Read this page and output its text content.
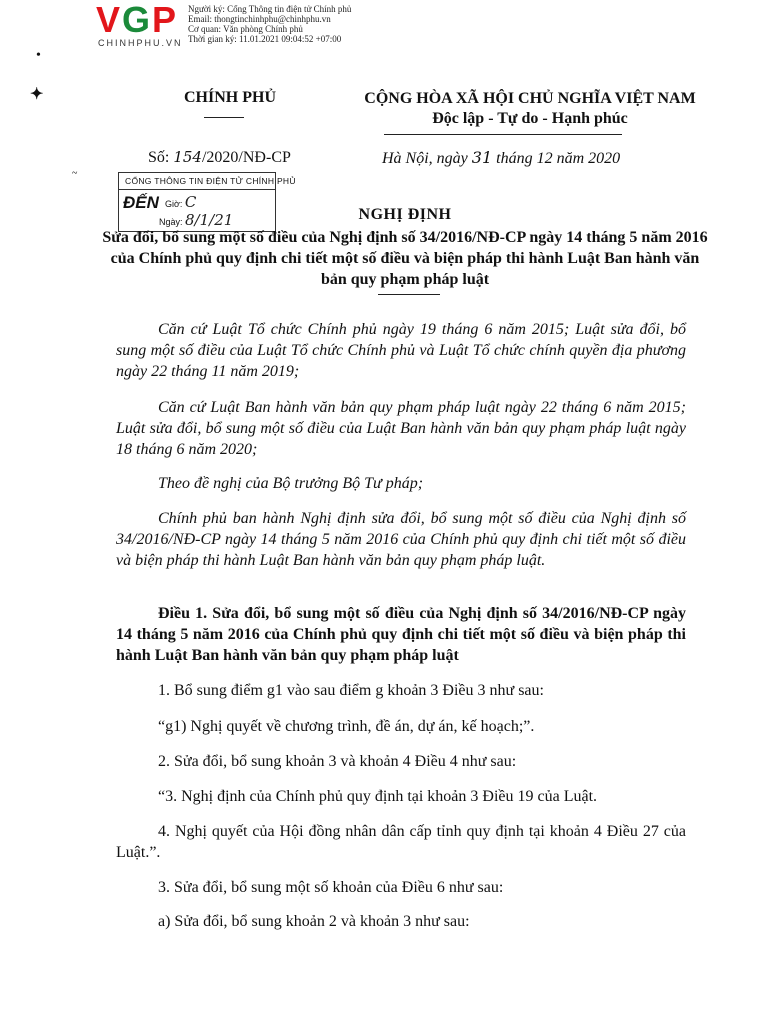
VGP
CHINHPHU.VN
Người ký: Cổng Thông tin điện tử Chính phủ
Email: thongtinchinhphu@chinhphu.vn
Cơ quan: Văn phòng Chính phủ
Thời gian ký: 11.01.2021 09:04:52 +07:00
•
✦
~
CHÍNH PHỦ	CỘNG HÒA XÃ HỘI CHỦ NGHĨA VIỆT NAM
Độc lập - Tự do - Hạnh phúc
Số: 154/2020/NĐ-CP	Hà Nội, ngày 31 tháng 12 năm 2020
CỔNG THÔNG TIN ĐIỆN TỬ CHÍNH PHỦ
ĐẾN Giờ: C
Ngày: 8/1/21	NGHỊ ĐỊNH
Sửa đổi, bổ sung một số điều của Nghị định số 34/2016/NĐ-CP ngày 14 tháng 5 năm 2016 của Chính phủ quy định chi tiết một số điều và biện pháp thi hành Luật Ban hành văn bản quy phạm pháp luật
Căn cứ Luật Tổ chức Chính phủ ngày 19 tháng 6 năm 2015; Luật sửa đổi, bổ sung một số điều của Luật Tổ chức Chính phủ và Luật Tổ chức chính quyền địa phương ngày 22 tháng 11 năm 2019;
Căn cứ Luật Ban hành văn bản quy phạm pháp luật ngày 22 tháng 6 năm 2015; Luật sửa đổi, bổ sung một số điều của Luật Ban hành văn bản quy phạm pháp luật ngày 18 tháng 6 năm 2020;
Theo đề nghị của Bộ trưởng Bộ Tư pháp;
Chính phủ ban hành Nghị định sửa đổi, bổ sung một số điều của Nghị định số 34/2016/NĐ-CP ngày 14 tháng 5 năm 2016 của Chính phủ quy định chi tiết một số điều và biện pháp thi hành Luật Ban hành văn bản quy phạm pháp luật.
Điều 1. Sửa đổi, bổ sung một số điều của Nghị định số 34/2016/NĐ-CP ngày 14 tháng 5 năm 2016 của Chính phủ quy định chi tiết một số điều và biện pháp thi hành Luật Ban hành văn bản quy phạm pháp luật
1. Bổ sung điểm g1 vào sau điểm g khoản 3 Điều 3 như sau:
“g1) Nghị quyết về chương trình, đề án, dự án, kế hoạch;”.
2. Sửa đổi, bổ sung khoản 3 và khoản 4 Điều 4 như sau:
“3. Nghị định của Chính phủ quy định tại khoản 3 Điều 19 của Luật.
4. Nghị quyết của Hội đồng nhân dân cấp tỉnh quy định tại khoản 4 Điều 27 của Luật.”.
3. Sửa đổi, bổ sung một số khoản của Điều 6 như sau:
a) Sửa đổi, bổ sung khoản 2 và khoản 3 như sau:
